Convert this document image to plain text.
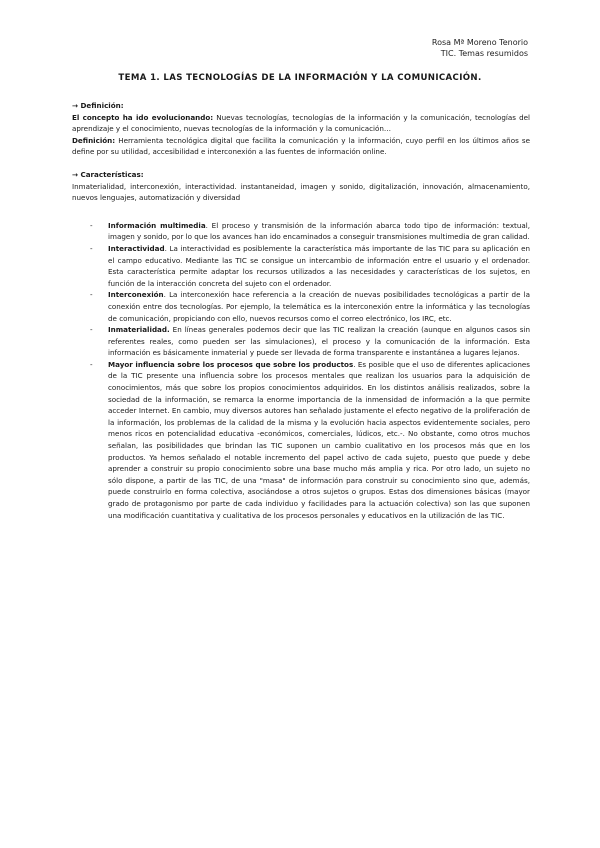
Rosa Mª Moreno Tenorio
TIC. Temas resumidos
TEMA 1. LAS TECNOLOGÍAS DE LA INFORMACIÓN Y LA COMUNICACIÓN.

→ Definición:

El concepto ha ido evolucionando: Nuevas tecnologías, tecnologías de la información y la comunicación, tecnologías del aprendizaje y el conocimiento, nuevas tecnologías de la información y la comunicación…

Definición: Herramienta tecnológica digital que facilita la comunicación y la información, cuyo perfil en los últimos años se define por su utilidad, accesibilidad e interconexión a las fuentes de información online.

→ Características:

Inmaterialidad, interconexión, interactividad. instantaneidad, imagen y sonido, digitalización, innovación, almacenamiento, nuevos lenguajes, automatización y diversidad

- Información multimedia. El proceso y transmisión de la información abarca todo tipo de información: textual, imagen y sonido, por lo que los avances han ido encaminados a conseguir transmisiones multimedia de gran calidad.
- Interactividad. La interactividad es posiblemente la característica más importante de las TIC para su aplicación en el campo educativo. Mediante las TIC se consigue un intercambio de información entre el usuario y el ordenador. Esta característica permite adaptar los recursos utilizados a las necesidades y características de los sujetos, en función de la interacción concreta del sujeto con el ordenador.
- Interconexión. La interconexión hace referencia a la creación de nuevas posibilidades tecnológicas a partir de la conexión entre dos tecnologías. Por ejemplo, la telemática es la interconexión entre la informática y las tecnologías de comunicación, propiciando con ello, nuevos recursos como el correo electrónico, los IRC, etc.
- Inmaterialidad. En líneas generales podemos decir que las TIC realizan la creación (aunque en algunos casos sin referentes reales, como pueden ser las simulaciones), el proceso y la comunicación de la información. Esta información es básicamente inmaterial y puede ser llevada de forma transparente e instantánea a lugares lejanos.
- Mayor influencia sobre los procesos que sobre los productos. Es posible que el uso de diferentes aplicaciones de la TIC presente una influencia sobre los procesos mentales que realizan los usuarios para la adquisición de conocimientos, más que sobre los propios conocimientos adquiridos. En los distintos análisis realizados, sobre la sociedad de la información, se remarca la enorme importancia de la inmensidad de información a la que permite acceder Internet. En cambio, muy diversos autores han señalado justamente el efecto negativo de la proliferación de la información, los problemas de la calidad de la misma y la evolución hacia aspectos evidentemente sociales, pero menos ricos en potencialidad educativa -económicos, comerciales, lúdicos, etc.-. No obstante, como otros muchos señalan, las posibilidades que brindan las TIC suponen un cambio cualitativo en los procesos más que en los productos. Ya hemos señalado el notable incremento del papel activo de cada sujeto, puesto que puede y debe aprender a construir su propio conocimiento sobre una base mucho más amplia y rica. Por otro lado, un sujeto no sólo dispone, a partir de las TIC, de una "masa" de información para construir su conocimiento sino que, además, puede construirlo en forma colectiva, asociándose a otros sujetos o grupos. Estas dos dimensiones básicas (mayor grado de protagonismo por parte de cada individuo y facilidades para la actuación colectiva) son las que suponen una modificación cuantitativa y cualitativa de los procesos personales y educativos en la utilización de las TIC.
